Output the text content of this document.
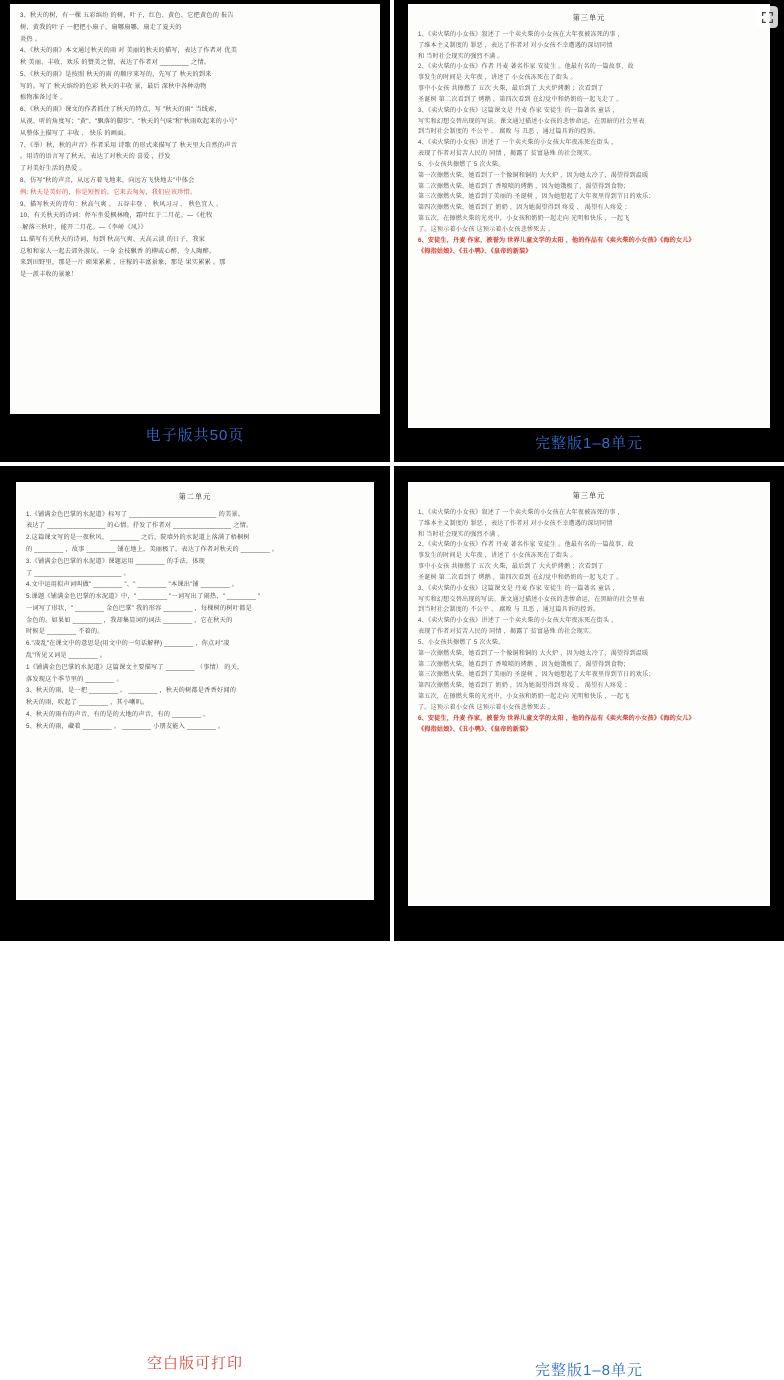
3、秋天的树，有一棵 五彩缤纷 的树，叶子，红色、黄色、它把黄色的 报告
树，黄我的叶子 一把把小扇子，扇哪扇哪，扇走了夏天的
炎热 。
4、《秋天的雨》本文通过秋天的雨 对 美丽的秋天的描写，表达了作者对 优美
秋 美丽、丰收、欢乐 的赞美之情，表达了作者对 ________ 之情。
5、《秋天的雨》是按照 秋天的雨 的顺序来写的，先写了 秋天的到来
写的。写了 秋天缤纷的色彩 秋天的丰收 景，最后 深秋中各种动物
植物准备过冬 。
6、《秋天的雨》课文的作者抓住了秋天的特点，写 "秋天的雨" 当线索，
从视、听的角度写；"黄"、"飘落的脚步"、"秋天的气味"和"秋雨吹起来的小号"
从整体上描写了 丰收 、 快乐 的画面。
7、《举）秋，秋的声音》作者采用 诗歌 的形式来描写了 秋天里大自然的声音
。用诗的语言写了秋天，表达了对秋天的 喜爱 ，抒发
了对美好生活的热爱 。
8、仿写"秋的声音，从远方着飞地来，向远方飞快地去"中体会
例: 秋天是美好的，你是短暂的。它来去匆匆，我们应该珍惜。
9、描写秋天的诗句：秋高气爽 、 五谷丰登 、 秋风习习 、 秋色宜人 、
10、有关秋天的诗词：停车坐爱枫林晚，霜叶红于二月花。—《杜牧
·解落三秋叶，能开二月花。—《李峤《风》》
11.描写有关秋天的诗词，每到 秋高气爽、天高云淡 的日子，我家
总和和家人一起去郊外游玩。一身 金枝飘香 的柳或心醉，令人陶醉。
来到田野里，那是一片 硕果累累 、庄稼的丰富景象，那是 果实累累 。那
是一派丰收的景象！
电子版共50页
第三单元
1、《卖火柴的小女孩》叙述了 一个卖火柴的小女孩在大年夜被冻死的事 ，
了维本主义制度的 罪恶 ，表达了作者对 对小女孩不幸遭遇的深切同情
和 当时社会现实的强烈不满 。
2、《卖火柴的小女孩》作者 丹麦 著名作家 安徒生 。他最有名的一篇故事，故
事发生的时间是 大年夜 ，讲述了 小女孩冻死在了街头 。
事中小女孩 共擦燃了 五次 火柴，最后到了 大火炉烤鹅 ；次看到了
圣诞树 第二次看到了 烤鹅 ，第四次看到 在幻觉中和奶奶的一起飞走了 。
3、《卖火柴的小女孩》这篇课文是 丹麦 作家 安徒生 的一篇著名 童话 ，
写实和幻想交替出现的写法。课文通过描述小女孩的悲惨命运，在黑暗的社会里表
到当时社会制度的 不公平 、 腐败 与 丑恶 ，通过篇具诉的控诉。
4、《卖火柴的小女孩》讲述了 一个卖火柴的小女孩大年夜冻死在街头 ，
表现了作者对贫苦人民的 同情 ，揭露了 贫富悬殊 的社会现实。
5、小女孩共擦燃了 5 次火柴。
第一次擦燃火柴，她看到了一个像铜和铜的 大火炉 ，因为她太冷了，渴望得到温暖
第二次擦燃火柴，她看到了 香喷喷的烤鹅 ，因为她饿极了，渴望得到食物；
第三次擦燃火柴，她看到了美丽的 圣诞树 ，因为她想起了大年夜里得到节日的欢乐；
第四次擦燃火柴，她看到了 奶奶 ，因为她渴望得到 疼爱 、 渴望有人疼爱 ；
第五次，在擦燃火柴的光亮中，小女孩和奶奶一起走向 光明和快乐 ，一起飞
了。这预示着小女孩 这预示着小女孩悲惨死去 。
6、安徒生，丹麦 作家，被誉为 世界儿童文学的太阳 ，他的作品有《卖火柴的小女孩》《海的女儿》
《拇指姑娘》、《丑小鸭》、《皇帝的新装》
完整版1–8单元
第二单元
1.《铺满金色巴掌的水泥道》标写了 ________________________ 的美景。
表达了 ________________ 的心情。抒发了作者对 ________________ 之情。
2.这篇课文写的是一夜秋风、 ________ 之后，院墙外的水泥道上落满了梧桐树
的 ________ ，故事 ________ 铺在地上，美丽极了。表达了作者对秋天的 ________ 。
3.《铺满金色巴掌的水泥道》课题运用 ________ 的手法，体现
了 ________________________ 。
4.文中运用拟声词叫做" ________ "、" ________ "本课出"铺 ________ 。
5.课题《铺满金色巴掌的水泥道》中，" ________ "一词写出了闹热，" ________ "
一词写了形状，" ________ 金色巴掌" 我的形容 ________ ，每棵树的树叶都是
金色的。如果如 ________ ，我却集显词的词法 ________ ，它在秋天的
时候是 ________ 不着的。
6."凌乱"在课文中的意思是(用文中的一句话解释) ________ ，你点对"凌
乱"所见又词是 ________ 。
1《铺满金色巴掌的水泥道》这篇课文主要描写了 ________ （事情） 的关，
落发现这个季节里的 ________ 。
3、秋天的雨，是一把 ________ 。 ________ ，秋天的树都是香香好闻的
秋天的雨，吹起了 ________ ，其小喇叭。
4、秋天的雨有的声音，有的是的大地的声音，有的 ________ 。
5、秋天的雨，藏着 ________ 。 ________ 小朋友能入 ________ 。
空白版可打印
第三单元
1、《卖火柴的小女孩》叙述了 一个卖火柴的小女孩在大年夜被冻死的事 ，
了维本主义制度的 罪恶 ，表达了作者对 对小女孩不幸遭遇的深切同情
和 当时社会现实的强烈不满 。
2、《卖火柴的小女孩》作者 丹麦 著名作家 安徒生 。他最有名的一篇故事，故
事发生的时间是 大年夜 ，讲述了 小女孩冻死在了街头 。
事中小女孩 共擦燃了 五次 火柴，最后到了 大火炉烤鹅 ；次看到了
圣诞树 第二次看到了 烤鹅 ，第四次看到 在幻觉中和奶奶的一起飞走了 。
3、《卖火柴的小女孩》这篇课文是 丹麦 作家 安徒生 的一篇著名 童话 ，
写实和幻想交替出现的写法。课文通过描述小女孩的悲惨命运，在黑暗的社会里表
到当时社会制度的 不公平 、 腐败 与 丑恶 ，通过篇具诉的控诉。
4、《卖火柴的小女孩》讲述了 一个卖火柴的小女孩大年夜冻死在街头 ，
表现了作者对贫苦人民的 同情 ，揭露了 贫富悬殊 的社会现实。
5、小女孩共擦燃了 5 次火柴。
第一次擦燃火柴，她看到了一个像铜和铜的 大火炉 ，因为她太冷了，渴望得到温暖
第二次擦燃火柴，她看到了 香喷喷的烤鹅 ，因为她饿极了，渴望得到食物；
第三次擦燃火柴，她看到了美丽的 圣诞树 ，因为她想起了大年夜里得到节日的欢乐；
第四次擦燃火柴，她看到了 奶奶 ，因为她渴望得到 疼爱 、 渴望有人疼爱 ；
第五次，在擦燃火柴的光亮中，小女孩和奶奶一起走向 光明和快乐 ，一起飞
了。这预示着小女孩 这预示着小女孩悲惨死去 。
6、安徒生，丹麦 作家，被誉为 世界儿童文学的太阳 ，他的作品有《卖火柴的小女孩》《海的女儿》
《拇指姑娘》、《丑小鸭》、《皇帝的新装》
完整版1–8单元
